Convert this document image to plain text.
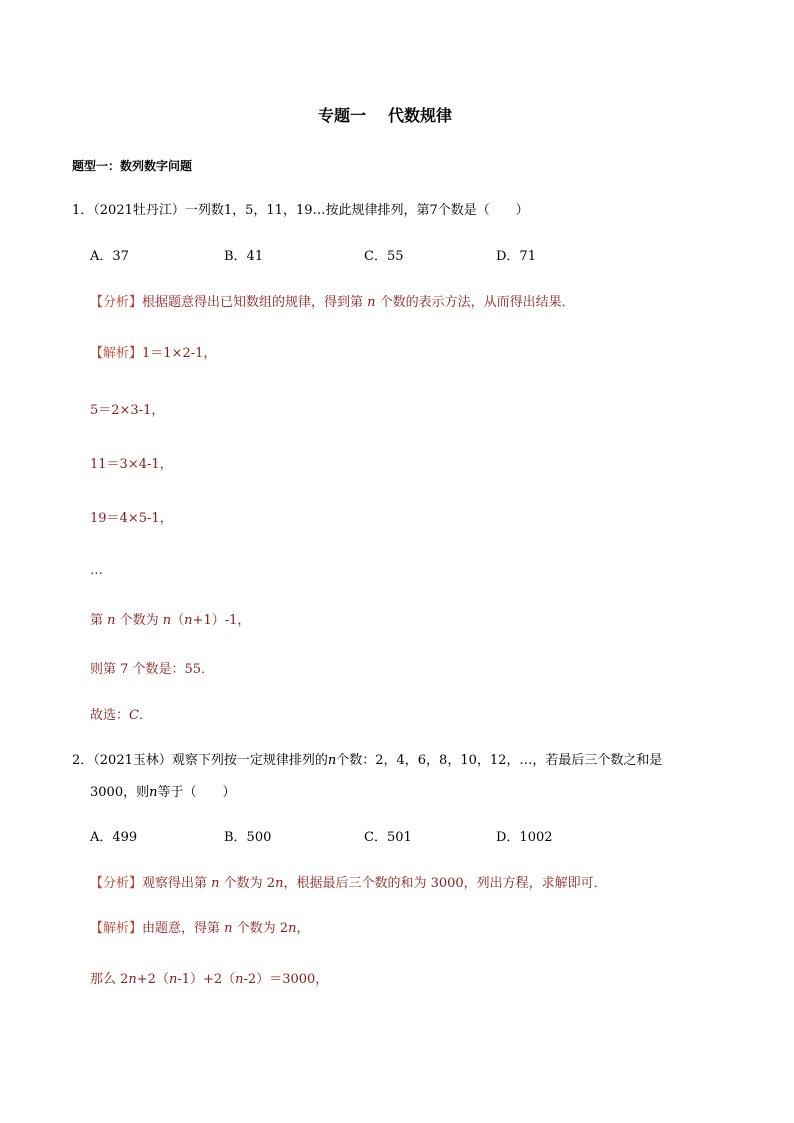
专题一 代数规律
题型一：数列数字问题
1．（2021牡丹江）一列数1，5，11，19…按此规律排列，第7个数是（　　）
A．37	B．41	C．55	D．71
【分析】根据题意得出已知数组的规律，得到第 n 个数的表示方法，从而得出结果．
【解析】1＝1×2-1，
5＝2×3-1，
11＝3×4-1，
19＝4×5-1，
…
第 n 个数为 n（n+1）-1，
则第 7 个数是：55．
故选：C．
2．（2021玉林）观察下列按一定规律排列的n个数：2，4，6，8，10，12，…，若最后三个数之和是
3000，则n等于（　　）
A．499	B．500	C．501	D．1002
【分析】观察得出第 n 个数为 2n，根据最后三个数的和为 3000，列出方程，求解即可．
【解析】由题意，得第 n 个数为 2n，
那么 2n+2（n-1）+2（n-2）＝3000，
